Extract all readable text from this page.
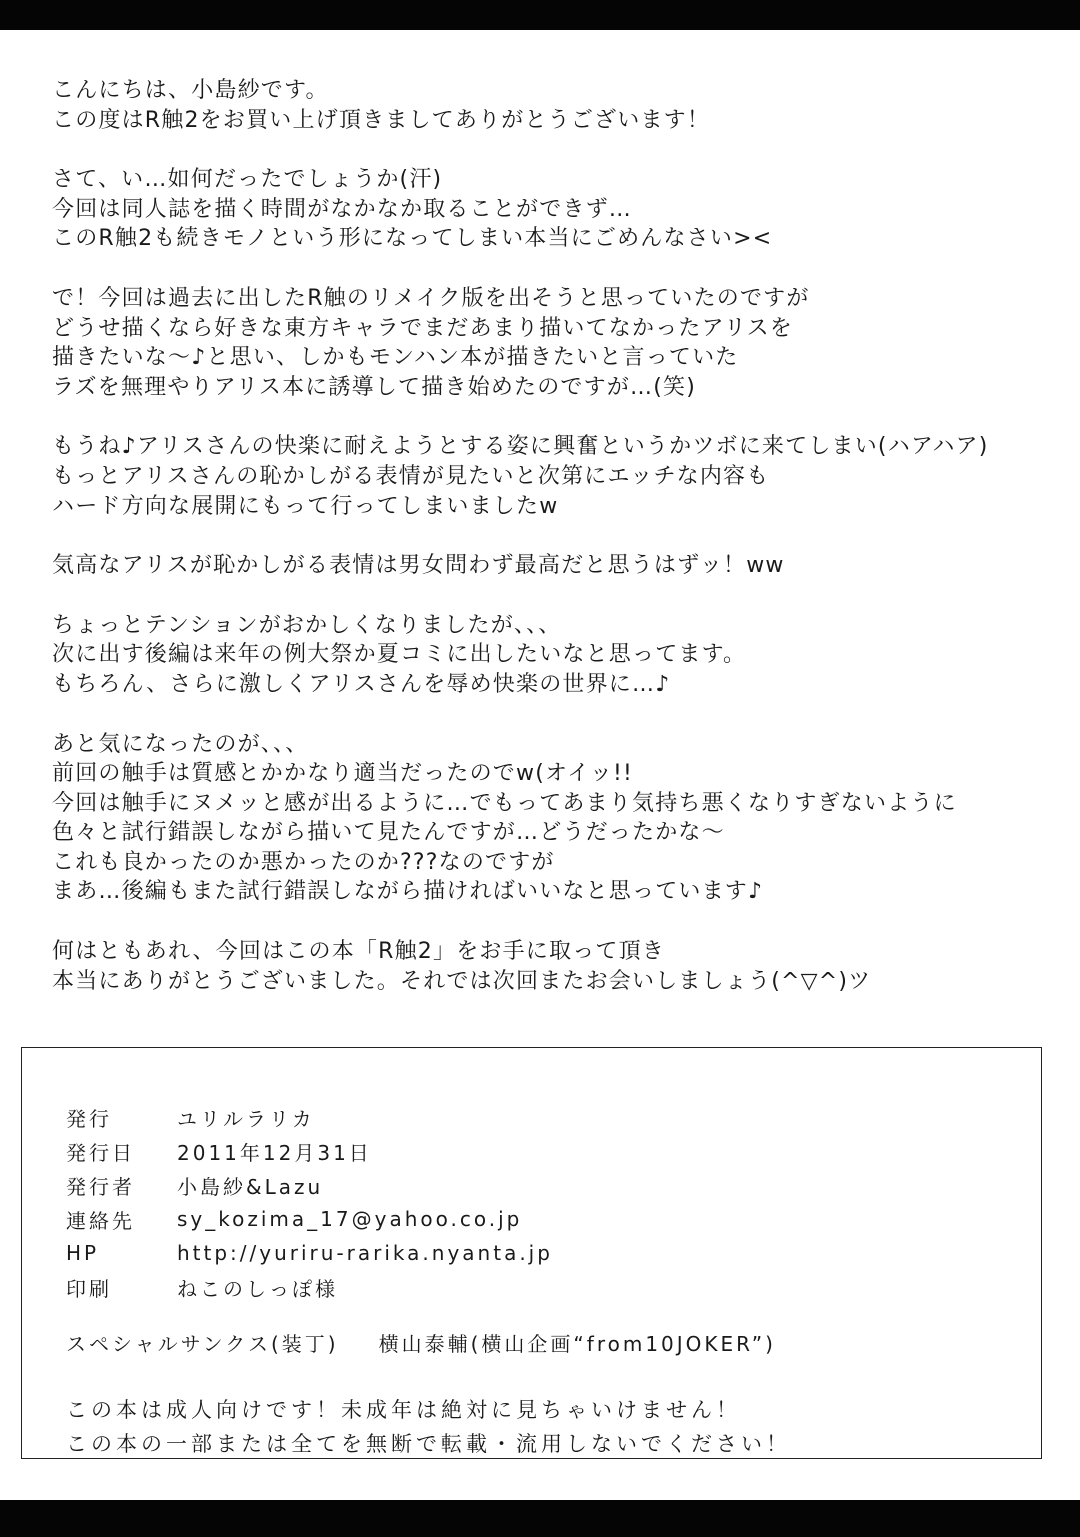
こんにちは、小島紗です。
この度はR触2をお買い上げ頂きましてありがとうございます！
さて、い…如何だったでしょうか(汗)
今回は同人誌を描く時間がなかなか取ることができず…
このR触2も続きモノという形になってしまい本当にごめんなさい><
で！今回は過去に出したR触のリメイク版を出そうと思っていたのですが
どうせ描くなら好きな東方キャラでまだあまり描いてなかったアリスを
描きたいな～♪と思い、しかもモンハン本が描きたいと言っていた
ラズを無理やりアリス本に誘導して描き始めたのですが…(笑)
もうね♪アリスさんの快楽に耐えようとする姿に興奮というかツボに来てしまい(ハアハア)
もっとアリスさんの恥かしがる表情が見たいと次第にエッチな内容も
ハード方向な展開にもって行ってしまいましたw
気高なアリスが恥かしがる表情は男女問わず最高だと思うはずッ！ww
ちょっとテンションがおかしくなりましたが、、、
次に出す後編は来年の例大祭か夏コミに出したいなと思ってます。
もちろん、さらに激しくアリスさんを辱め快楽の世界に…♪
あと気になったのが、、、
前回の触手は質感とかかなり適当だったのでw(オイッ!!
今回は触手にヌメッと感が出るように…でもってあまり気持ち悪くなりすぎないように
色々と試行錯誤しながら描いて見たんですが…どうだったかな～
これも良かったのか悪かったのか???なのですが
まあ…後編もまた試行錯誤しながら描ければいいなと思っています♪
何はともあれ、今回はこの本「R触2」をお手に取って頂き
本当にありがとうございました。それでは次回またお会いしましょう(^▽^)ツ
発行	ユリルラリカ
発行日	2011年12月31日
発行者	小島紗&Lazu
連絡先	sy_kozima_17@yahoo.co.jp
HP	http://yuriru-rarika.nyanta.jp
印刷	ねこのしっぽ様
スペシャルサンクス(装丁) 横山泰輔(横山企画“from10JOKER”)
この本は成人向けです！未成年は絶対に見ちゃいけません！
この本の一部または全てを無断で転載・流用しないでください！
